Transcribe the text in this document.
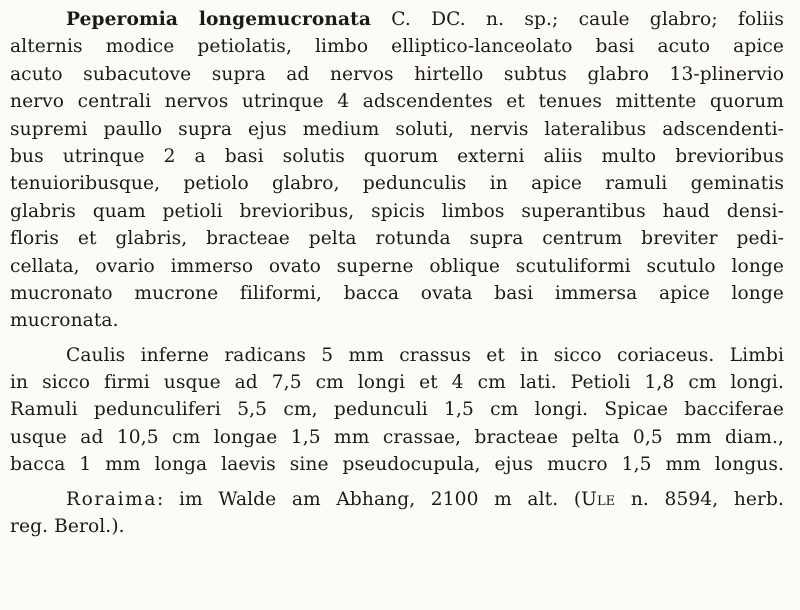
Peperomia longemucronata C. DC. n. sp.; caule glabro; foliis
alternis modice petiolatis, limbo elliptico-lanceolato basi acuto apice
acuto subacutove supra ad nervos hirtello subtus glabro 13-plinervio
nervo centrali nervos utrinque 4 adscendentes et tenues mittente quorum
supremi paullo supra ejus medium soluti, nervis lateralibus adscendenti-
bus utrinque 2 a basi solutis quorum externi aliis multo brevioribus
tenuioribusque, petiolo glabro, pedunculis in apice ramuli geminatis
glabris quam petioli brevioribus, spicis limbos superantibus haud densi-
floris et glabris, bracteae pelta rotunda supra centrum breviter pedi-
cellata, ovario immerso ovato superne oblique scutuliformi scutulo longe
mucronato mucrone filiformi, bacca ovata basi immersa apice longe
mucronata.
Caulis inferne radicans 5 mm crassus et in sicco coriaceus. Limbi
in sicco firmi usque ad 7,5 cm longi et 4 cm lati. Petioli 1,8 cm longi.
Ramuli pedunculiferi 5,5 cm, pedunculi 1,5 cm longi. Spicae bacciferae
usque ad 10,5 cm longae 1,5 mm crassae, bracteae pelta 0,5 mm diam.,
bacca 1 mm longa laevis sine pseudocupula, ejus mucro 1,5 mm longus.
Roraima: im Walde am Abhang, 2100 m alt. (Ule n. 8594, herb.
reg. Berol.).
